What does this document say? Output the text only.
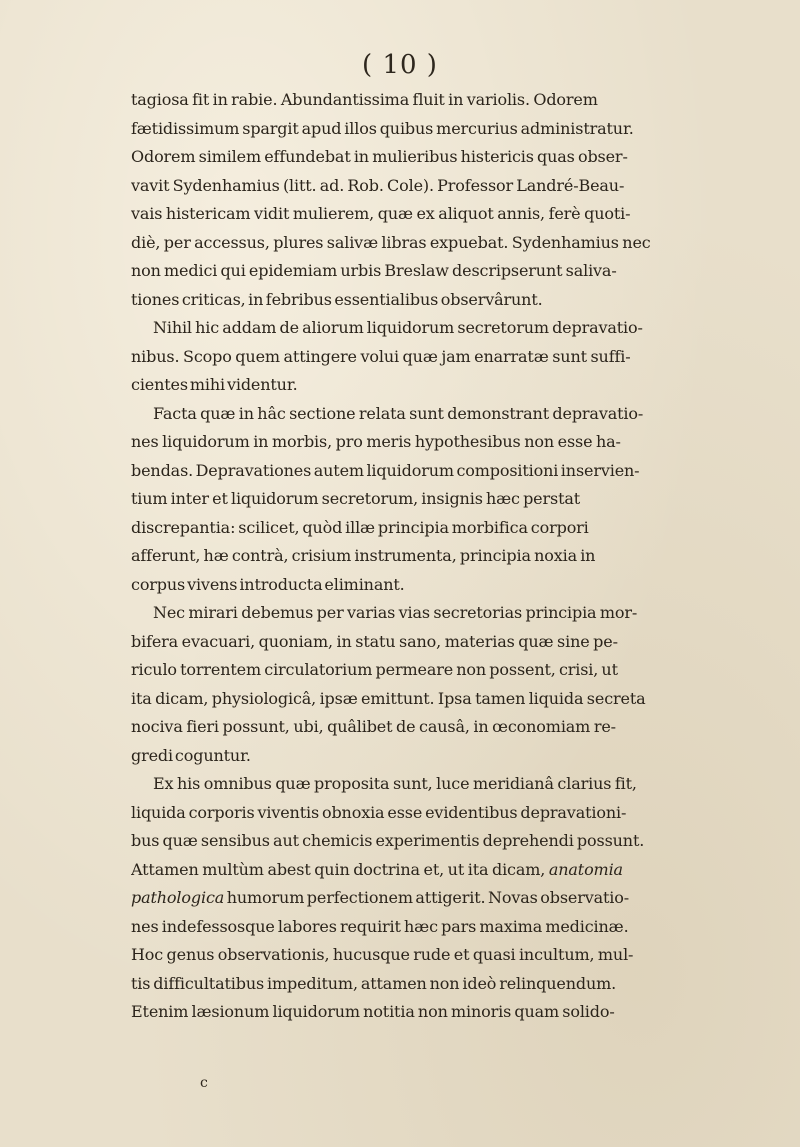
( 10 )
tagiosa fit in rabie. Abundantissima fluit in variolis. Odorem
fætidissimum spargit apud illos quibus mercurius administratur.
Odorem similem effundebat in mulieribus histericis quas obser-
vavit Sydenhamius (litt. ad. Rob. Cole). Professor Landré-Beau-
vais histericam vidit mulierem, quæ ex aliquot annis, ferè quoti-
diè, per accessus, plures salivæ libras expuebat. Sydenhamius nec
non medici qui epidemiam urbis Breslaw descripserunt saliva-
tiones criticas, in febribus essentialibus observârunt.
Nihil hic addam de aliorum liquidorum secretorum depravatio-
nibus. Scopo quem attingere volui quæ jam enarratæ sunt suffi-
cientes mihi videntur.
Facta quæ in hâc sectione relata sunt demonstrant depravatio-
nes liquidorum in morbis, pro meris hypothesibus non esse ha-
bendas. Depravationes autem liquidorum compositioni inservien-
tium inter et liquidorum secretorum, insignis hæc perstat
discrepantia: scilicet, quòd illæ principia morbifica corpori
afferunt, hæ contrà, crisium instrumenta, principia noxia in
corpus vivens introducta eliminant.
Nec mirari debemus per varias vias secretorias principia mor-
bifera evacuari, quoniam, in statu sano, materias quæ sine pe-
riculo torrentem circulatorium permeare non possent, crisi, ut
ita dicam, physiologicâ, ipsæ emittunt. Ipsa tamen liquida secreta
nociva fieri possunt, ubi, quâlibet de causâ, in œconomiam re-
gredi coguntur.
Ex his omnibus quæ proposita sunt, luce meridianâ clarius fit,
liquida corporis viventis obnoxia esse evidentibus depravationi-
bus quæ sensibus aut chemicis experimentis deprehendi possunt.
Attamen multùm abest quin doctrina et, ut ita dicam, anatomia
pathologica humorum perfectionem attigerit. Novas observatio-
nes indefessosque labores requirit hæc pars maxima medicinæ.
Hoc genus observationis, hucusque rude et quasi incultum, mul-
tis difficultatibus impeditum, attamen non ideò relinquendum.
Etenim læsionum liquidorum notitia non minoris quam solido-
c
